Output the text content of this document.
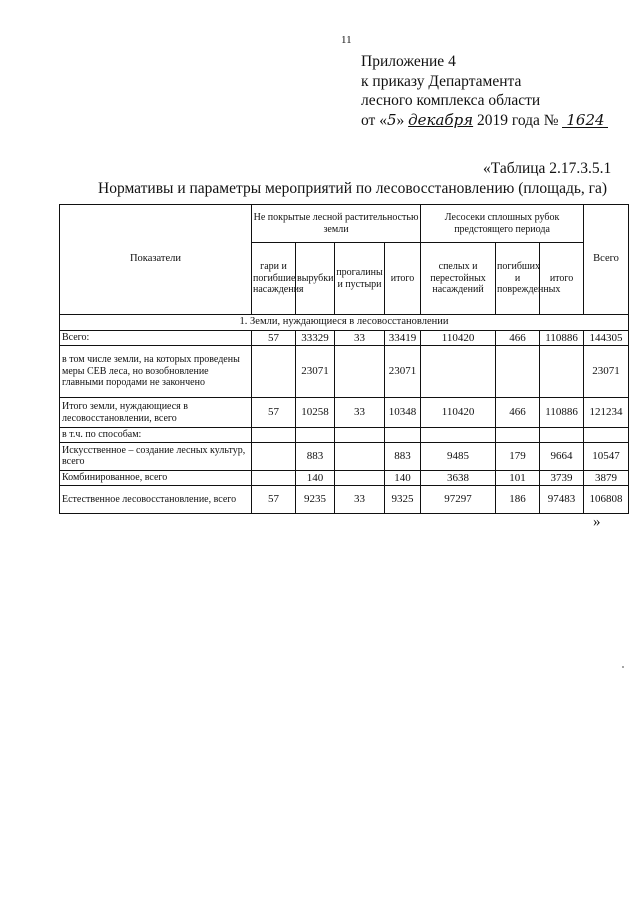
11
Приложение 4
к приказу Департамента
лесного комплекса области
от «5» декабря 2019 года № 1624
«Таблица 2.17.3.5.1
Нормативы и параметры мероприятий по лесовосстановлению (площадь, га)
Показатели	Не покрытые лесной растительностью земли				Лесосеки сплошных рубок предстоящего периода			Всего
	гари и погибшие насаждения	вырубки	прогалины и пустыри	итого	спелых и перестойных насаждений	погибших и поврежденных	итого	
1. Земли, нуждающиеся в лесовосстановлении								
Всего:	57	33329	33	33419	110420	466	110886	144305
в том числе земли, на которых проведены меры СЕВ леса, но возобновление главными породами не закончено		23071		23071				23071
Итого земли, нуждающиеся в лесовосстановлении, всего	57	10258	33	10348	110420	466	110886	121234
в т.ч. по способам:								
Искусственное – создание лесных культур, всего		883		883	9485	179	9664	10547
Комбинированное, всего		140		140	3638	101	3739	3879
Естественное лесовосстановление, всего	57	9235	33	9325	97297	186	97483	106808
»
